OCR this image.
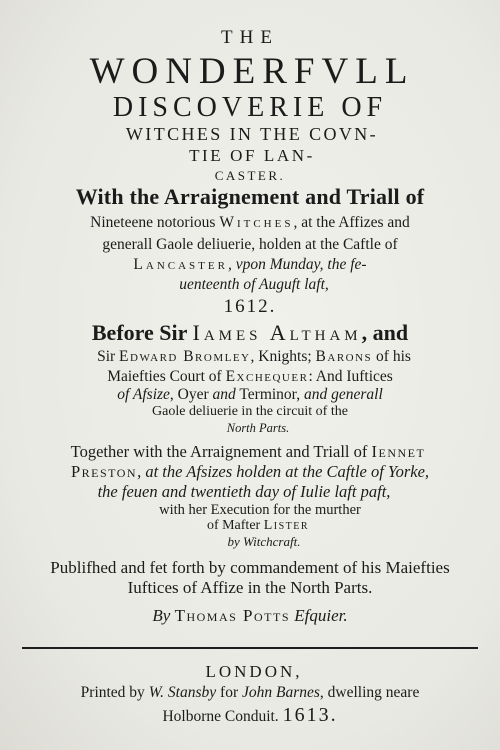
THE
WONDERFVLL
DISCOVERIE OF
WITCHES IN THE COVN-
TIE OF LAN-
CASTER.
With the Arraignement and Triall of
Nineteene notorious Witches, at the Affizes and
generall Gaole deliuerie, holden at the Caftle of
Lancaster, vpon Munday, the fe-
uenteenth of Auguft laft,
1612.
Before Sir Iames Altham, and
Sir Edward Bromley, Knights; Barons of his
Maiefties Court of Exchequer: And Iuftices
of Afsize, Oyer and Terminor, and generall
Gaole deliuerie in the circuit of the
North Parts.
Together with the Arraignement and Triall of Iennet
Preston, at the Afsizes holden at the Caftle of Yorke,
the feuen and twentieth day of Iulie laft paft,
with her Execution for the murther
of Mafter Lister
by Witchcraft.
Publifhed and fet forth by commandement of his Maiefties
Iuftices of Affize in the North Parts.
By Thomas Potts Efquier.
LONDON,
Printed by W. Stansby for John Barnes, dwelling neare
Holborne Conduit. 1613.
